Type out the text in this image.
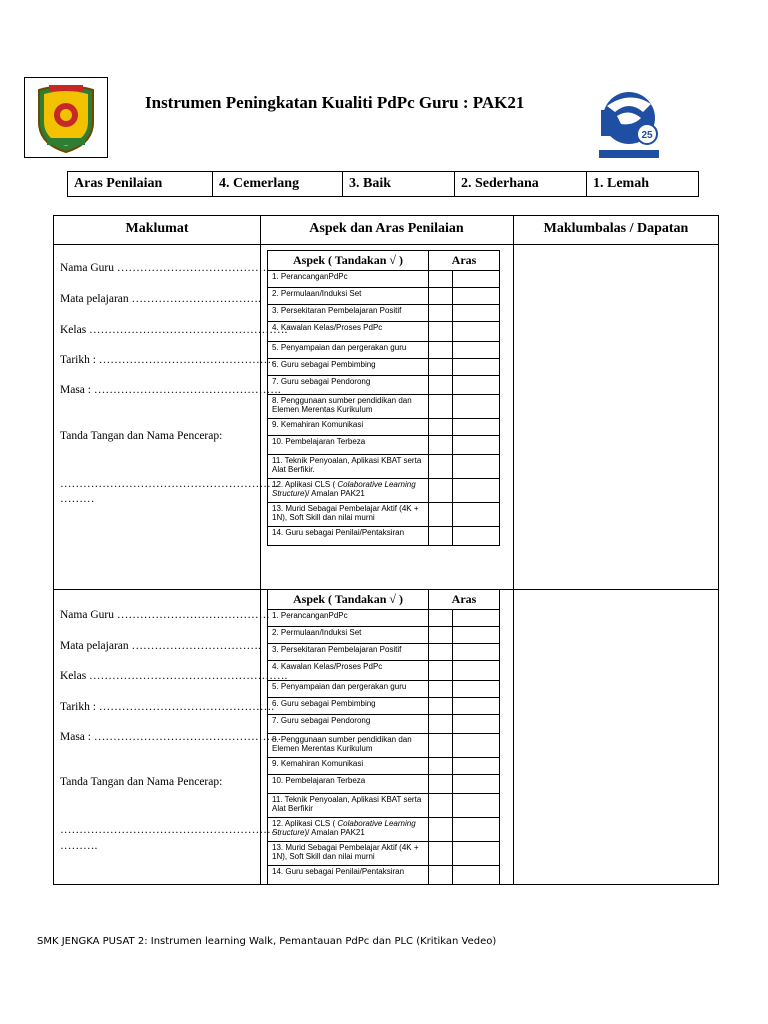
Instrumen Peningkatan Kualiti PdPc Guru : PAK21
25
Aras Penilaian	4. Cemerlang	3. Baik	2. Sederhana	1. Lemah
Maklumat	Aspek dan Aras Penilaian	Maklumbalas / Dapatan
Nama Guru ………………………………….
Mata pelajaran …………………………….
Kelas …………………………………………….
Tarikh : ……………………………………….
Masa : ………………………………………….
Tanda Tangan dan Nama Pencerap:
…………………………………………………
………
Aspek ( Tandakan √ )	Aras	
1. PerancanganPdPc		
2. Permulaan/Induksi Set		
3. Persekitaran Pembelajaran Positif		
4. Kawalan Kelas/Proses PdPc		
5. Penyampaian dan pergerakan guru		
6. Guru sebagai Pembimbing		
7. Guru sebagai Pendorong		
8. Penggunaan sumber pendidikan dan Elemen Merentas Kurikulum		
9. Kemahiran Komunikasi		
10. Pembelajaran Terbeza		
11. Teknik Penyoalan, Aplikasi KBAT serta Alat Berfikir.		
12. Aplikasi CLS ( Colaborative Learning Structure)/ Amalan PAK21		
13. Murid Sebagai Pembelajar Aktif (4K + 1N), Soft Skill dan nilai murni		
14. Guru sebagai Penilai/Pentaksiran		
Nama Guru ………………………………….
Mata pelajaran …………………………….
Kelas …………………………………………….
Tarikh : ……………………………………….
Masa : ………………………………………….
Tanda Tangan dan Nama Pencerap:
…………………………………………………
……….
Aspek ( Tandakan √ )	Aras	
1. PerancanganPdPc		
2. Permulaan/Induksi Set		
3. Persekitaran Pembelajaran Positif		
4. Kawalan Kelas/Proses PdPc		
5. Penyampaian dan pergerakan guru		
6. Guru sebagai Pembimbing		
7. Guru sebagai Pendorong		
8. Penggunaan sumber pendidikan dan Elemen Merentas Kurikulum		
9. Kemahiran Komunikasi		
10. Pembelajaran Terbeza		
11. Teknik Penyoalan, Aplikasi KBAT serta Alat Berfikir		
12. Aplikasi CLS ( Colaborative Learning Structure)/ Amalan PAK21		
13. Murid Sebagai Pembelajar Aktif (4K + 1N), Soft Skill dan nilai murni		
14. Guru sebagai Penilai/Pentaksiran		
SMK JENGKA PUSAT 2: Instrumen learning Walk, Pemantauan PdPc dan PLC (Kritikan Vedeo)
